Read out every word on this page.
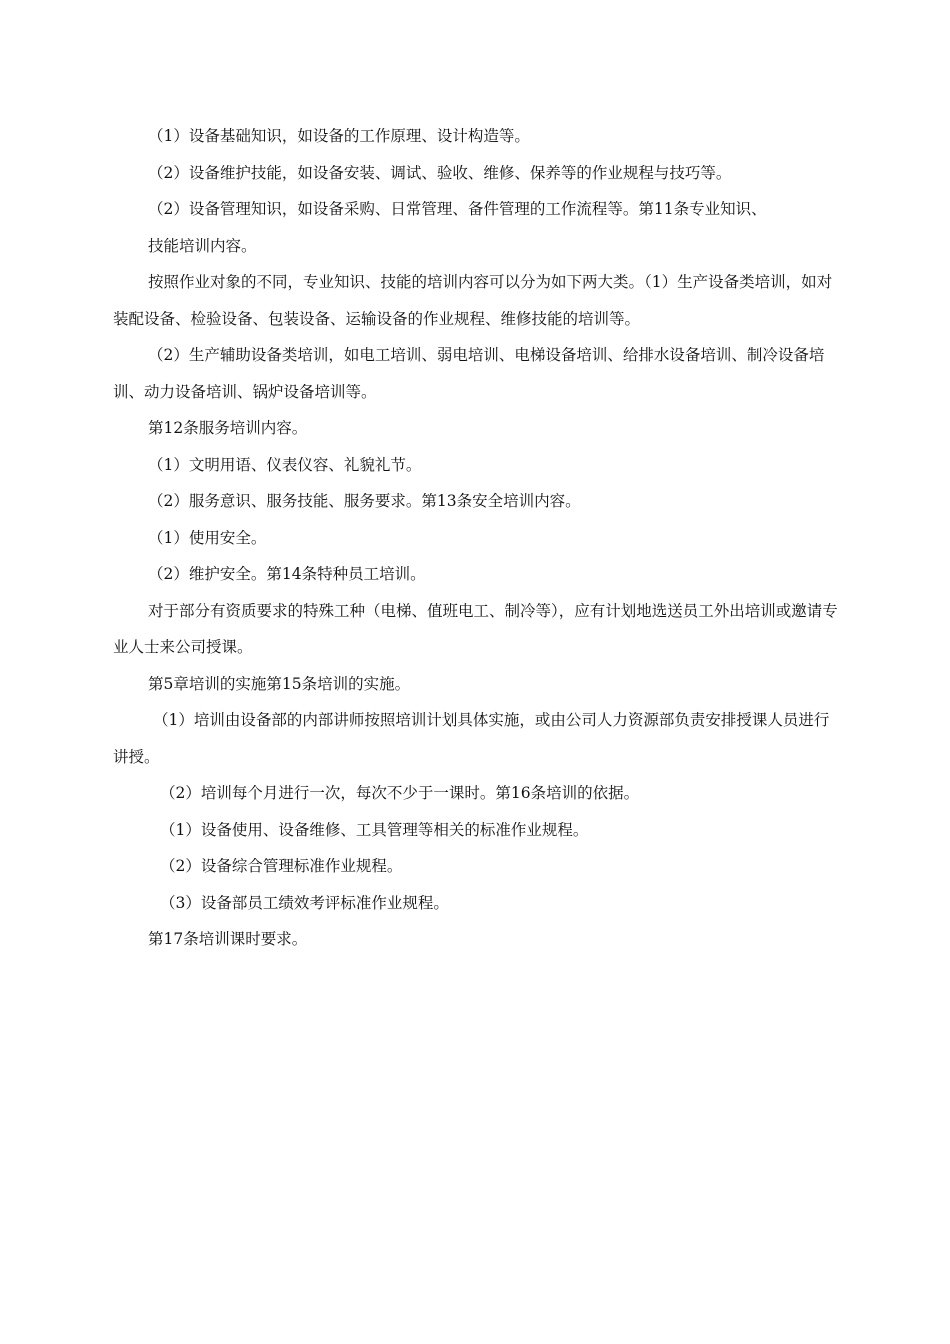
（1）设备基础知识，如设备的工作原理、设计构造等。

（2）设备维护技能，如设备安装、调试、验收、维修、保养等的作业规程与技巧等。

（2）设备管理知识，如设备采购、日常管理、备件管理的工作流程等。第11条专业知识、

技能培训内容。

按照作业对象的不同，专业知识、技能的培训内容可以分为如下两大类。（1）生产设备类培训，如对装配设备、检验设备、包装设备、运输设备的作业规程、维修技能的培训等。

（2）生产辅助设备类培训，如电工培训、弱电培训、电梯设备培训、给排水设备培训、制冷设备培训、动力设备培训、锅炉设备培训等。

第12条服务培训内容。

（1）文明用语、仪表仪容、礼貌礼节。

（2）服务意识、服务技能、服务要求。第13条安全培训内容。

（1）使用安全。

（2）维护安全。第14条特种员工培训。

对于部分有资质要求的特殊工种（电梯、值班电工、制冷等），应有计划地选送员工外出培训或邀请专业人士来公司授课。

第5章培训的实施第15条培训的实施。

（1）培训由设备部的内部讲师按照培训计划具体实施，或由公司人力资源部负责安排授课人员进行讲授。

（2）培训每个月进行一次，每次不少于一课时。第16条培训的依据。

（1）设备使用、设备维修、工具管理等相关的标准作业规程。

（2）设备综合管理标准作业规程。

（3）设备部员工绩效考评标准作业规程。

第17条培训课时要求。
